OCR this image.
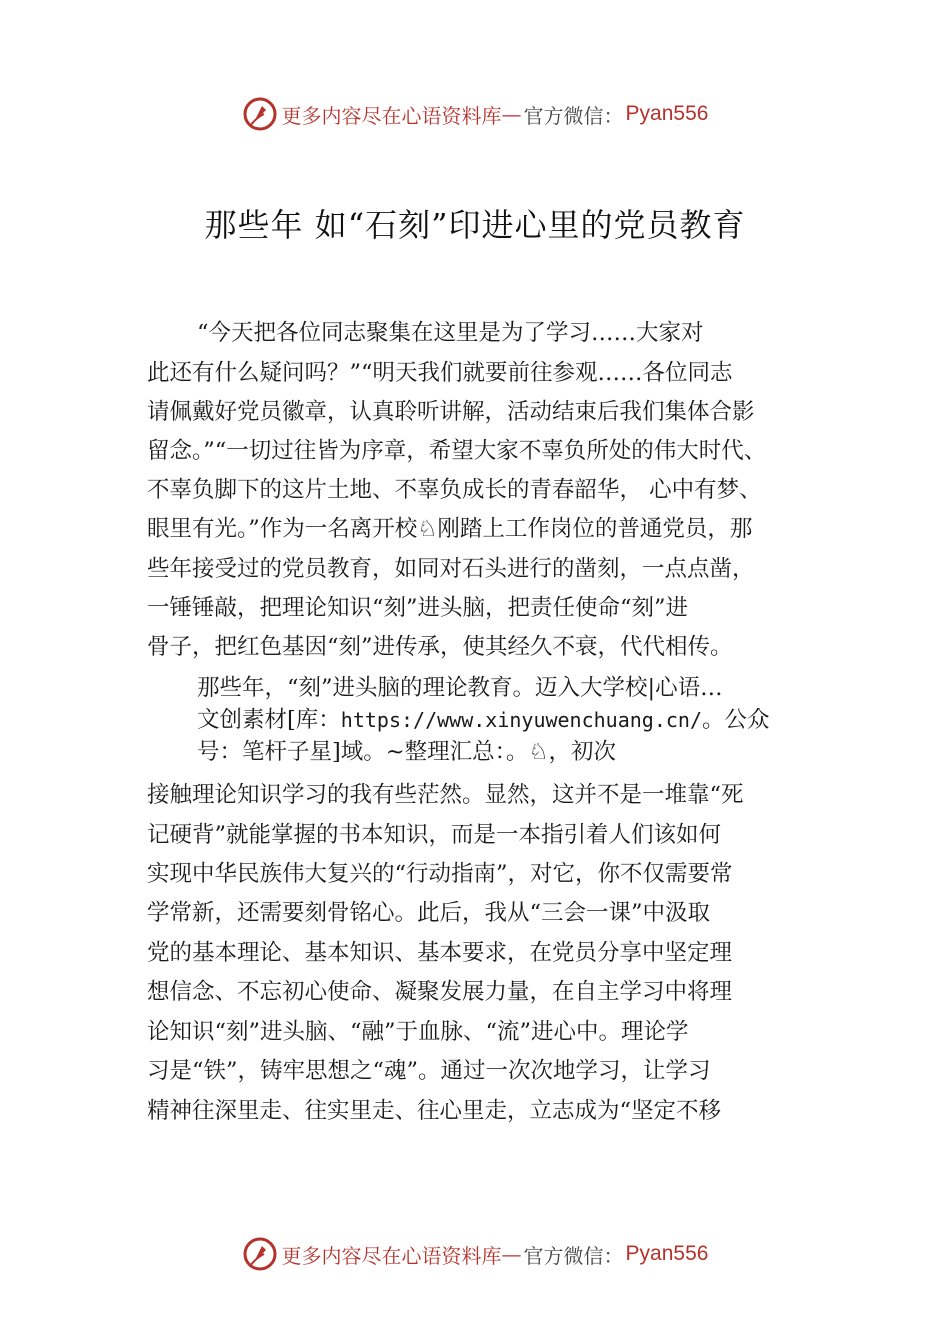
更多内容尽在心语资料库 — 官方微信： Pyan556
那些年 如“石刻”印进心里的党员教育
“今天把各位同志聚集在这里是为了学习……大家对
此还有什么疑问吗？”“明天我们就要前往参观……各位同志
请佩戴好党员徽章，认真聆听讲解，活动结束后我们集体合影
留念。”“一切过往皆为序章，希望大家不辜负所处的伟大时代、
不辜负脚下的这片土地、不辜负成长的青春韶华， 心中有梦、
眼里有光。”作为一名离开校♘刚踏上工作岗位的普通党员，那
些年接受过的党员教育，如同对石头进行的凿刻，一点点凿，
一锤锤敲，把理论知识“刻”进头脑，把责任使命“刻”进
骨子，把红色基因“刻”进传承，使其经久不衰，代代相传。
那些年，“刻”进头脑的理论教育。迈入大学校|心语…
文创素材[库：https://www.xinyuwenchuang.cn/。公众
号：笔杆子星]域。~整理汇总：。♘，初次
接触理论知识学习的我有些茫然。显然，这并不是一堆靠“死
记硬背”就能掌握的书本知识，而是一本指引着人们该如何
实现中华民族伟大复兴的“行动指南”，对它，你不仅需要常
学常新，还需要刻骨铭心。此后，我从“三会一课”中汲取
党的基本理论、基本知识、基本要求，在党员分享中坚定理
想信念、不忘初心使命、凝聚发展力量，在自主学习中将理
论知识“刻”进头脑、“融”于血脉、“流”进心中。理论学
习是“铁”，铸牢思想之“魂”。通过一次次地学习，让学习
精神往深里走、往实里走、往心里走，立志成为“坚定不移
更多内容尽在心语资料库 — 官方微信： Pyan556
